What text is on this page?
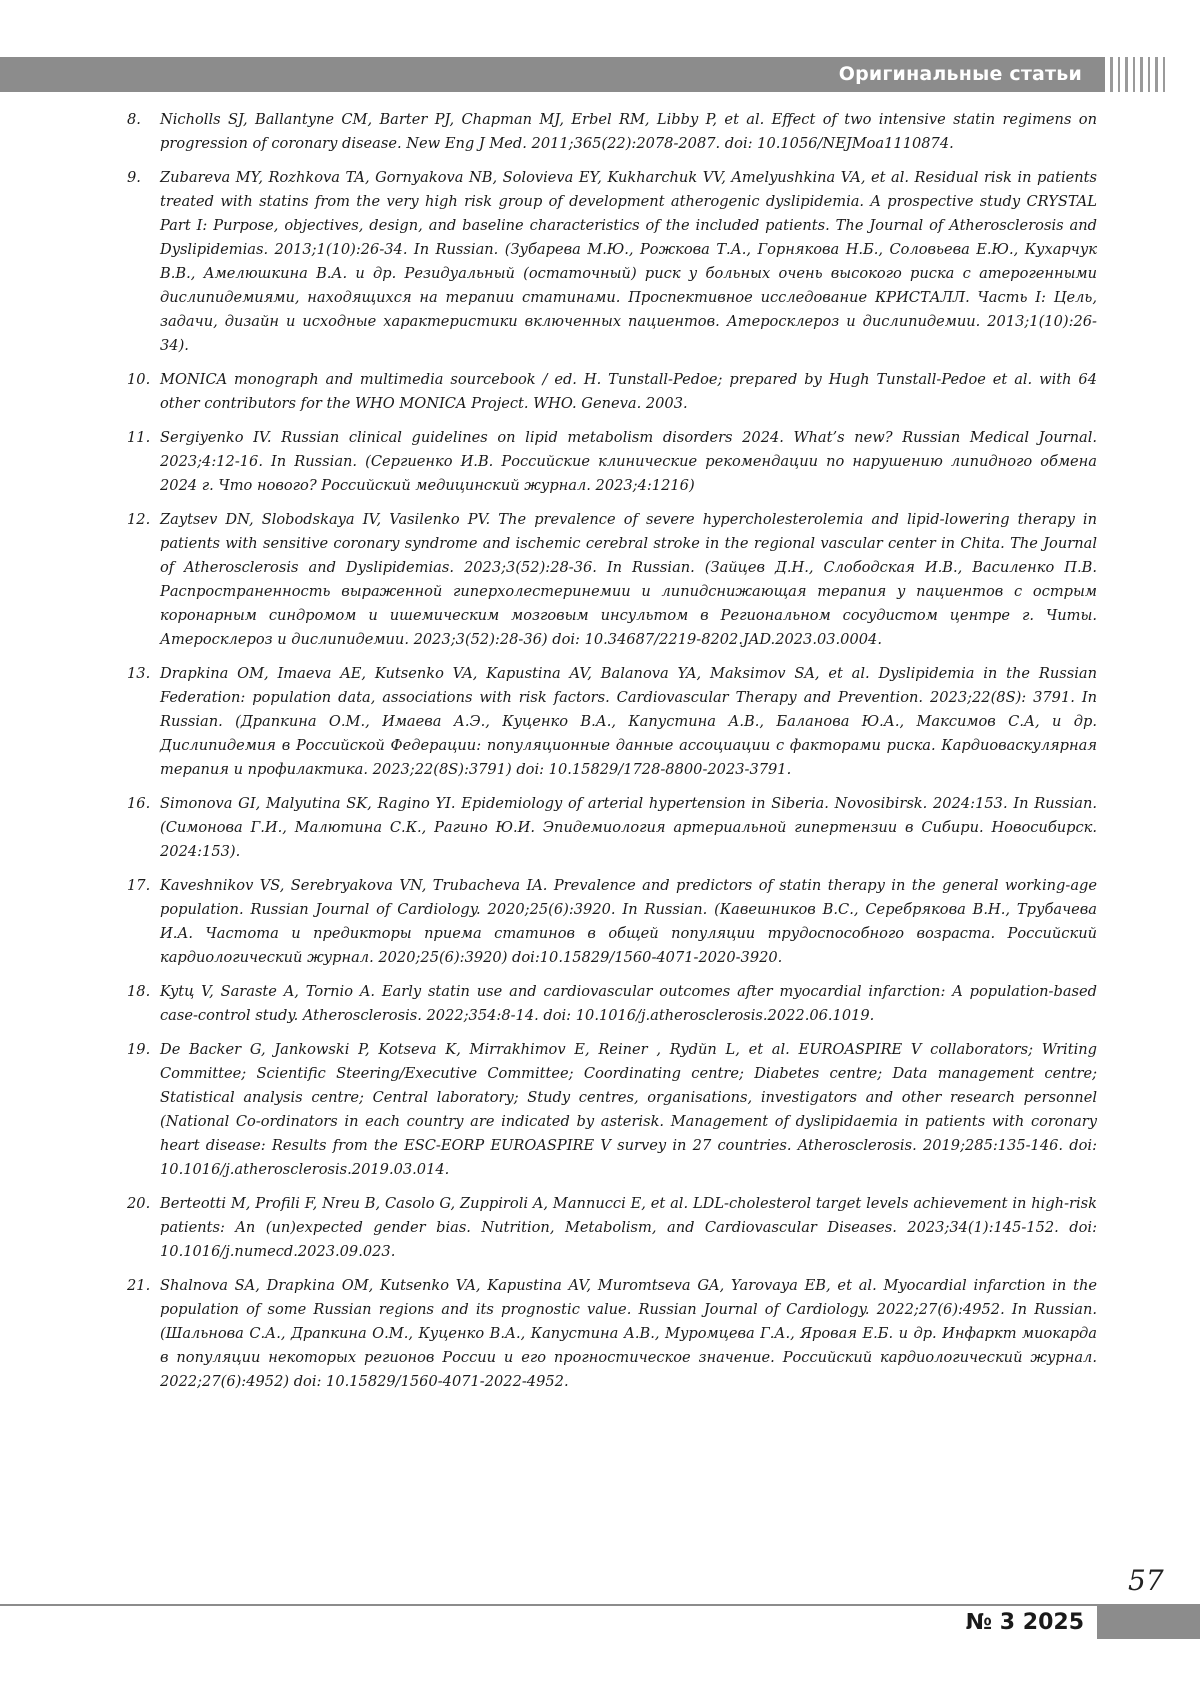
Оригинальные статьи
8.	Nicholls SJ, Ballantyne CM, Barter PJ, Chapman MJ, Erbel RM, Libby P, et al. Effect of two intensive statin regimens on progression of coronary disease. New Eng J Med. 2011;365(22):2078-2087. doi: 10.1056/NEJMoa1110874.
9.	Zubareva MY, Rozhkova TA, Gornyakova NB, Solovieva EY, Kukharchuk VV, Amelyushkina VA, et al. Residual risk in patients treated with statins from the very high risk group of development atherogenic dyslipidemia. A prospective study CRYSTAL Part I: Purpose, objectives, design, and baseline characteristics of the included patients. The Journal of Atherosclerosis and Dyslipidemias. 2013;1(10):26-34. In Russian. (Зубарева М.Ю., Рожкова Т.А., Горнякова Н.Б., Соловьева Е.Ю., Кухарчук В.В., Амелюшкина В.А. и др. Резидуальный (остаточный) риск у больных очень высокого риска с атерогенными дислипидемиями, находящихся на терапии статинами. Проспективное исследование КРИСТАЛЛ. Часть I: Цель, задачи, дизайн и исходные характеристики включенных пациентов. Атеросклероз и дислипидемии. 2013;1(10):26-34).
10. MONICA monograph and multimedia sourcebook / ed. H. Tunstall-Pedoe; prepared by Hugh Tunstall-Pedoe et al. with 64 other contributors for the WHO MONICA Project. WHO. Geneva. 2003.
11. Sergiyenko IV. Russian clinical guidelines on lipid metabolism disorders 2024. What’s new? Russian Medical Journal. 2023;4:12-16. In Russian. (Сергиенко И.В. Российские клинические рекомендации по нарушению липидного обмена 2024 г. Что нового? Российский медицинский журнал. 2023;4:1216)
12. Zaytsev DN, Slobodskaya IV, Vasilenko PV. The prevalence of severe hypercholesterolemia and lipid-lowering therapy in patients with sensitive coronary syndrome and ischemic cerebral stroke in the regional vascular center in Chita. The Journal of Atherosclerosis and Dyslipidemias. 2023;3(52):28-36. In Russian. (Зайцев Д.Н., Слободская И.В., Василенко П.В. Распространенность выраженной гиперхолестеринемии и липидснижающая терапия у пациентов с острым коронарным синдромом и ишемическим мозговым инсультом в Региональном сосудистом центре г. Читы. Атеросклероз и дислипидемии. 2023;3(52):28-36) doi: 10.34687/2219-8202.JAD.2023.03.0004.
13. Drapkina OM, Imaeva AE, Kutsenko VA, Kapustina AV, Balanova YA, Maksimov SA, et al. Dyslipidemia in the Russian Federation: population data, associations with risk factors. Cardiovascular Therapy and Prevention. 2023;22(8S): 3791. In Russian. (Драпкина О.М., Имаева А.Э., Куценко В.А., Капустина А.В., Баланова Ю.А., Максимов С.А, и др. Дислипидемия в Российской Федерации: популяционные данные ассоциации с факторами риска. Кардиоваскулярная терапия и профилактика. 2023;22(8S):3791) doi: 10.15829/1728-8800-2023-3791.
16. Simonova GI, Malyutina SK, Ragino YI. Epidemiology of arterial hypertension in Siberia. Novosibirsk. 2024:153. In Russian. (Симонова Г.И., Малютина С.К., Рагино Ю.И. Эпидемиология артериальной гипертензии в Сибири. Новосибирск. 2024:153).
17. Kaveshnikov VS, Serebryakova VN, Trubacheva IA. Prevalence and predictors of statin therapy in the general working-age population. Russian Journal of Cardiology. 2020;25(6):3920. In Russian. (Кавешников В.С., Серебрякова В.Н., Трубачева И.А. Частота и предикторы приема статинов в общей популяции трудоспособного возраста. Российский кардиологический журнал. 2020;25(6):3920) doi:10.15829/1560-4071-2020-3920.
18. Kytц V, Saraste A, Tornio A. Early statin use and cardiovascular outcomes after myocardial infarction: A population-based case-control study. Atherosclerosis. 2022;354:8-14. doi: 10.1016/j.atherosclerosis.2022.06.1019.
19. De Backer G, Jankowski P, Kotseva K, Mirrakhimov E, Reiner , Rydйn L, et al. EUROASPIRE V collaborators; Writing Committee; Scientific Steering/Executive Committee; Coordinating centre; Diabetes centre; Data management centre; Statistical analysis centre; Central laboratory; Study centres, organisations, investigators and other research personnel (National Co-ordinators in each country are indicated by asterisk. Management of dyslipidaemia in patients with coronary heart disease: Results from the ESC-EORP EUROASPIRE V survey in 27 countries. Atherosclerosis. 2019;285:135-146. doi: 10.1016/j.atherosclerosis.2019.03.014.
20. Berteotti M, Profili F, Nreu B, Casolo G, Zuppiroli A, Mannucci E, et al. LDL-cholesterol target levels achievement in high-risk patients: An (un)expected gender bias. Nutrition, Metabolism, and Cardiovascular Diseases. 2023;34(1):145-152. doi: 10.1016/j.numecd.2023.09.023.
21. Shalnova SA, Drapkina OM, Kutsenko VA, Kapustina AV, Muromtseva GA, Yarovaya EB, et al. Myocardial infarction in the population of some Russian regions and its prognostic value. Russian Journal of Cardiology. 2022;27(6):4952. In Russian. (Шальнова С.А., Драпкина О.М., Куценко В.А., Капустина А.В., Муромцева Г.А., Яровая Е.Б. и др. Инфаркт миокарда в популяции некоторых регионов России и его прогностическое значение. Российский кардиологический журнал. 2022;27(6):4952) doi: 10.15829/1560-4071-2022-4952.
57
№ 3 2025
